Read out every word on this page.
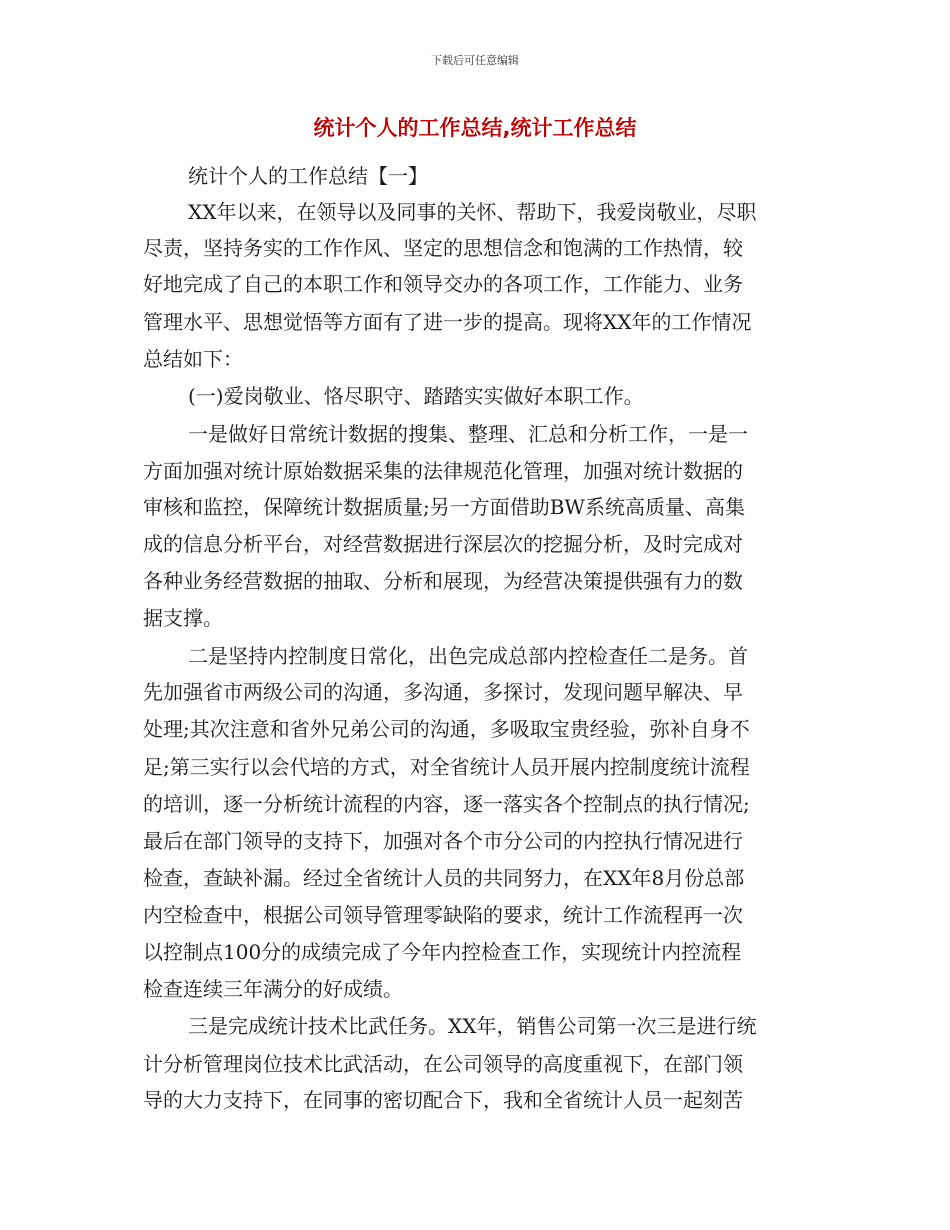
下载后可任意编辑
统计个人的工作总结,统计工作总结
统计个人的工作总结【一】
XX年以来，在领导以及同事的关怀、帮助下，我爱岗敬业，尽职
尽责，坚持务实的工作作风、坚定的思想信念和饱满的工作热情，较
好地完成了自己的本职工作和领导交办的各项工作，工作能力、业务
管理水平、思想觉悟等方面有了进一步的提高。现将XX年的工作情况
总结如下：
(一)爱岗敬业、恪尽职守、踏踏实实做好本职工作。
一是做好日常统计数据的搜集、整理、汇总和分析工作，一是一
方面加强对统计原始数据采集的法律规范化管理，加强对统计数据的
审核和监控，保障统计数据质量;另一方面借助BW系统高质量、高集
成的信息分析平台，对经营数据进行深层次的挖掘分析，及时完成对
各种业务经营数据的抽取、分析和展现，为经营决策提供强有力的数
据支撑。
二是坚持内控制度日常化，出色完成总部内控检查任二是务。首
先加强省市两级公司的沟通，多沟通，多探讨，发现问题早解决、早
处理;其次注意和省外兄弟公司的沟通，多吸取宝贵经验，弥补自身不
足;第三实行以会代培的方式，对全省统计人员开展内控制度统计流程
的培训，逐一分析统计流程的内容，逐一落实各个控制点的执行情况;
最后在部门领导的支持下，加强对各个市分公司的内控执行情况进行
检查，查缺补漏。经过全省统计人员的共同努力，在XX年8月份总部
内空检查中，根据公司领导管理零缺陷的要求，统计工作流程再一次
以控制点100分的成绩完成了今年内控检查工作，实现统计内控流程
检查连续三年满分的好成绩。
三是完成统计技术比武任务。XX年，销售公司第一次三是进行统
计分析管理岗位技术比武活动，在公司领导的高度重视下，在部门领
导的大力支持下，在同事的密切配合下，我和全省统计人员一起刻苦
